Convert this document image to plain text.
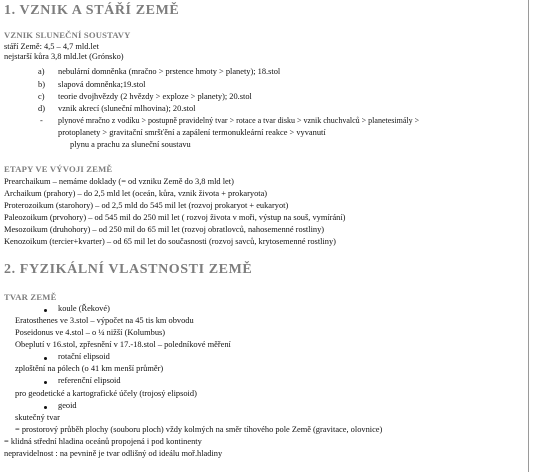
1. VZNIK A STÁŘÍ ZEMĚ
VZNIK SLUNEČNÍ SOUSTAVY
stáří Země: 4,5 – 4,7 mld.let
nejstarší kůra 3,8 mld.let (Grónsko)
a) nebulární domněnka (mračno > prstence hmoty > planety); 18.stol
b) slapová domněnka;19.stol
c) teorie dvojhvězdy (2 hvězdy > exploze > planety); 20.stol
d) vznik akrecí (sluneční mlhovina); 20.stol
- plynové mračno z vodíku > postupně pravidelný tvar > rotace a tvar disku > vznik chuchvalců > planetesimály >
protoplanety > gravitační smršťění a zapálení termonukleární reakce > vyvanutí
plynu a prachu za sluneční soustavu
ETAPY VE VÝVOJI ZEMĚ
Prearchaikum – nemáme doklady (= od vzniku Země do 3,8 mld let)
Archaikum (prahory) – do 2,5 mld let (oceán, kůra, vznik života + prokaryota)
Proterozoikum (starohory) – od 2,5 mld do 545 mil let (rozvoj prokaryot + eukaryot)
Paleozoikum (prvohory) – od 545 mil do 250 mil let ( rozvoj života v moři, výstup na souš, vymírání)
Mesozoikum (druhohory) – od 250 mil do 65 mil let (rozvoj obratlovců, nahosemenné rostliny)
Kenozoikum (tercier+kvarter) – od 65 mil let do současnosti (rozvoj savců, krytosemenné rostliny)
2. FYZIKÁLNÍ VLASTNOSTI ZEMĚ
TVAR ZEMĚ
koule (Řekové)
Eratosthenes ve 3.stol – výpočet na 45 tis km obvodu
Poseidonus ve 4.stol – o ¼ nižší (Kolumbus)
Obeplutí v 16.stol, zpřesnění v 17.-18.stol – poledníkové měření
rotační elipsoid
zploštění na pólech (o 41 km menší průměr)
referenční elipsoid
pro geodetické a kartografické účely (trojosý elipsoid)
geoid
skutečný tvar
= prostorový průběh plochy (souboru ploch) vždy kolmých na směr tíhového pole Země (gravitace, olovnice)
= klidná střední hladina oceánů propojená i pod kontinenty
nepravidelnost : na pevnině je tvar odlišný od ideálu moř.hladiny
